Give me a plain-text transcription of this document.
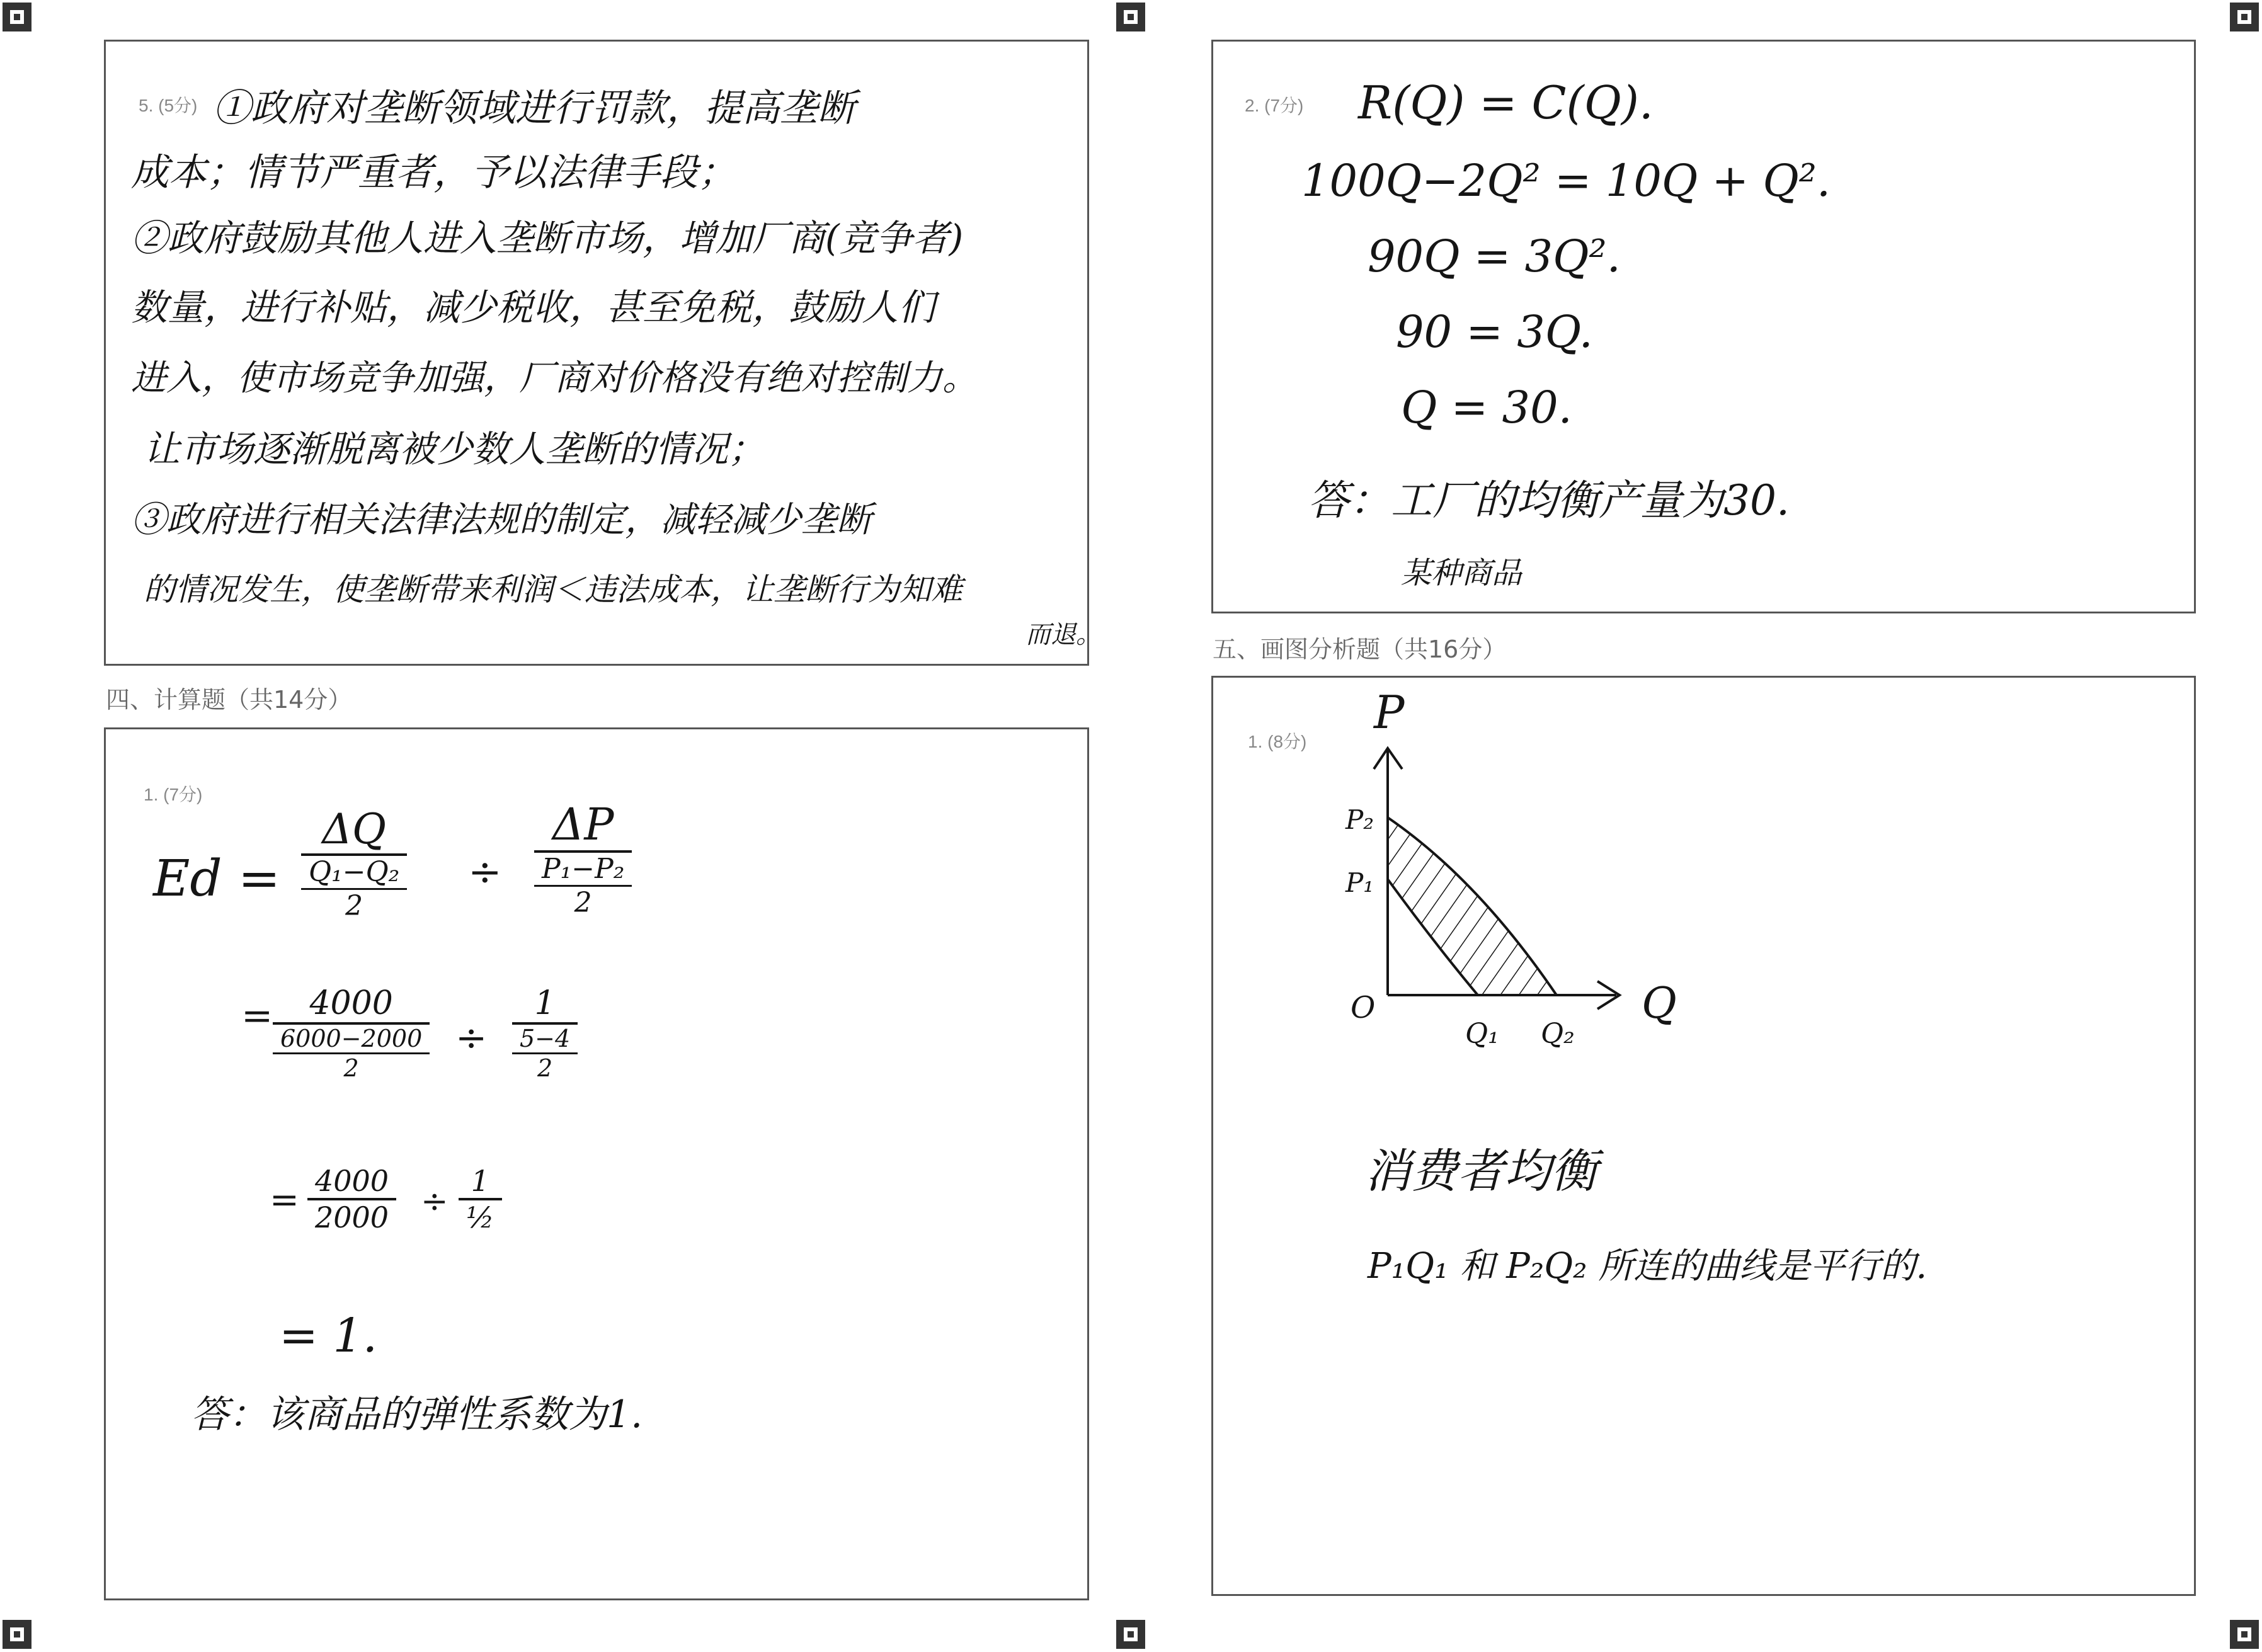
5. (5分) ①政府对垄断领域进行罚款，提高垄断
成本；情节严重者，予以法律手段；
②政府鼓励其他人进入垄断市场，增加厂商(竞争者)
数量，进行补贴，减少税收，甚至免税，鼓励人们
进入，使市场竞争加强，厂商对价格没有绝对控制力。
让市场逐渐脱离被少数人垄断的情况；
③政府进行相关法律法规的制定，减轻减少垄断
的情况发生，使垄断带来利润＜违法成本，让垄断行为知难
而退。
四、计算题（共14分）
1. (7分)
Ed =
ΔQ
$\frac{\text{Q₁−Q₂}}{2}$ ÷
ΔP
$\frac{\text{P₁−P₂}}{2}$
= 4000
$\frac{6000-2000}{2}$ ÷
1
$\frac{5-4}{2}$
= 4000
2000 ÷
1
½
= 1.
答：该商品的弹性系数为1.
2. (7分) R(Q) = C(Q).
100Q−2Q² = 10Q + Q².
90Q = 3Q².
90 = 3Q.
Q = 30.
答：工厂的均衡产量为30.
某种商品
五、画图分析题（共16分）
1. (8分)
P
Q
O
P₂
P₁
Q₁ Q₂
消费者均衡
P₁Q₁ 和 P₂Q₂ 所连的曲线是平行的.
